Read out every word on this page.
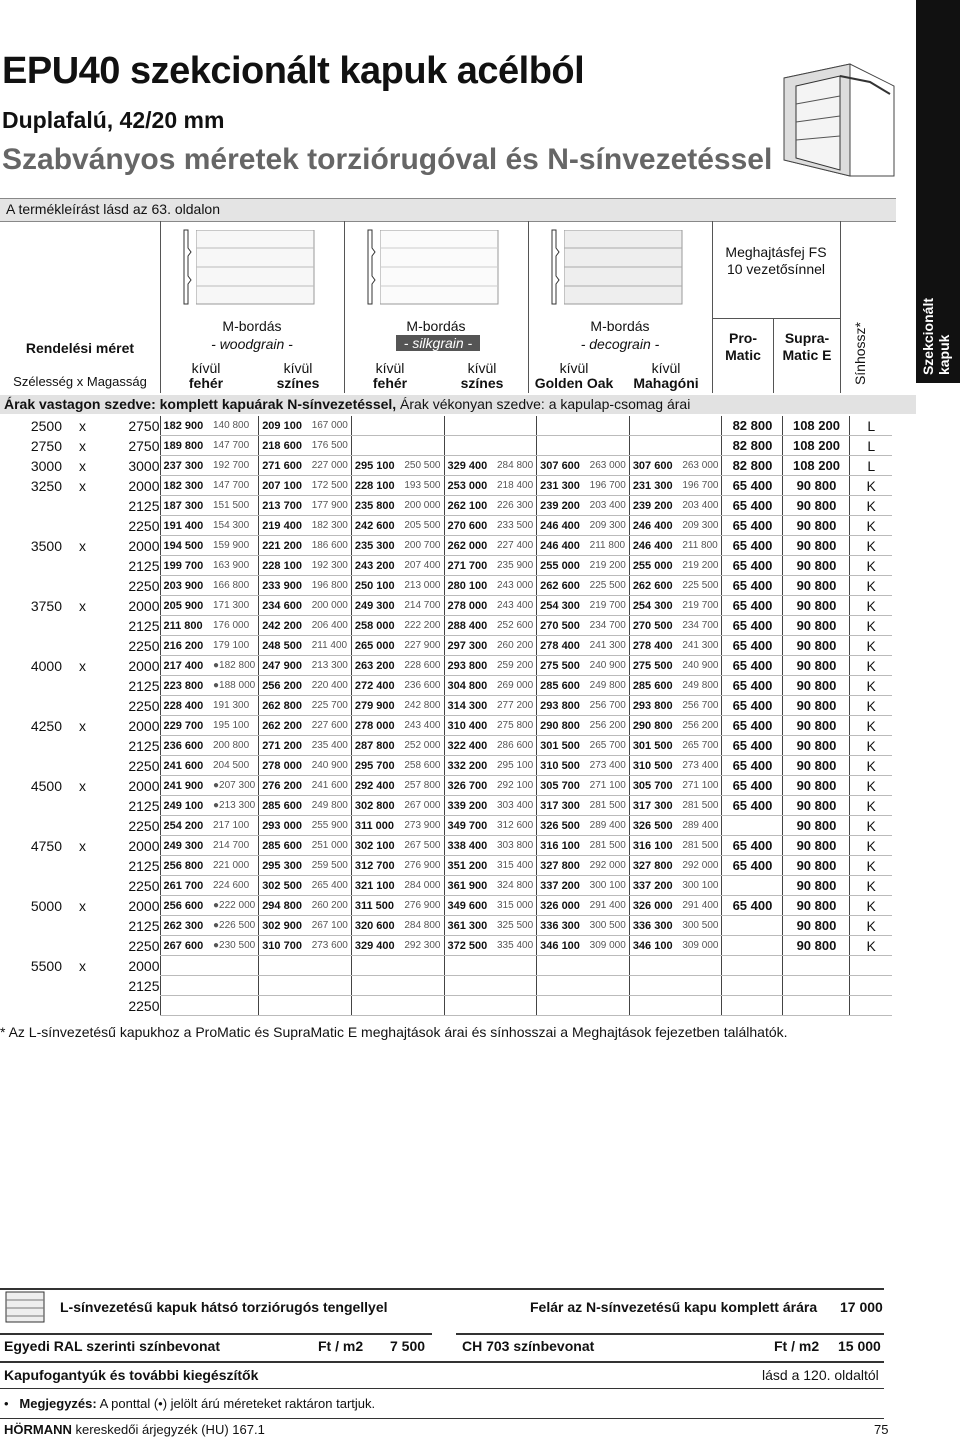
Szekcionált
kapuk
EPU40 szekcionált kapuk acélból
Duplafalú, 42/20 mm
Szabványos méretek torziórugóval és N-sínvezetéssel
A termékleírást lásd az 63. oldalon
Rendelési méret
Szélesség x Magasság
M-bordás
- woodgrain -
M-bordás
- silkgrain -
M-bordás
- decograin -
kívül	kívül	kívül	kívül	kívül	kívül
fehér	színes	fehér	színes	Golden Oak	Mahagóni
Meghajtásfej FS 10 vezetősínnel
Pro-Matic
Supra-Matic E	Sínhossz*
Árak vastagon szedve: komplett kapuárak N-sínvezetéssel, Árak vékonyan szedve: a kapulap-csomag árai
2500	x	2750	182 900	140 800	209 100	167 000									82 800	108 200	L
2750	x	2750	189 800	147 700	218 600	176 500									82 800	108 200	L
3000	x	3000	237 300	192 700	271 600	227 000	295 100	250 500	329 400	284 800	307 600	263 000	307 600	263 000	82 800	108 200	L
3250	x	2000	182 300	147 700	207 100	172 500	228 100	193 500	253 000	218 400	231 300	196 700	231 300	196 700	65 400	90 800	K
		2125	187 300	151 500	213 700	177 900	235 800	200 000	262 100	226 300	239 200	203 400	239 200	203 400	65 400	90 800	K
		2250	191 400	154 300	219 400	182 300	242 600	205 500	270 600	233 500	246 400	209 300	246 400	209 300	65 400	90 800	K
3500	x	2000	194 500	159 900	221 200	186 600	235 300	200 700	262 000	227 400	246 400	211 800	246 400	211 800	65 400	90 800	K
		2125	199 700	163 900	228 100	192 300	243 200	207 400	271 700	235 900	255 000	219 200	255 000	219 200	65 400	90 800	K
		2250	203 900	166 800	233 900	196 800	250 100	213 000	280 100	243 000	262 600	225 500	262 600	225 500	65 400	90 800	K
3750	x	2000	205 900	171 300	234 600	200 000	249 300	214 700	278 000	243 400	254 300	219 700	254 300	219 700	65 400	90 800	K
		2125	211 800	176 000	242 200	206 400	258 000	222 200	288 400	252 600	270 500	234 700	270 500	234 700	65 400	90 800	K
		2250	216 200	179 100	248 500	211 400	265 000	227 900	297 300	260 200	278 400	241 300	278 400	241 300	65 400	90 800	K
4000	x	2000	217 400	●182 800	247 900	213 300	263 200	228 600	293 800	259 200	275 500	240 900	275 500	240 900	65 400	90 800	K
		2125	223 800	●188 000	256 200	220 400	272 400	236 600	304 800	269 000	285 600	249 800	285 600	249 800	65 400	90 800	K
		2250	228 400	191 300	262 800	225 700	279 900	242 800	314 300	277 200	293 800	256 700	293 800	256 700	65 400	90 800	K
4250	x	2000	229 700	195 100	262 200	227 600	278 000	243 400	310 400	275 800	290 800	256 200	290 800	256 200	65 400	90 800	K
		2125	236 600	200 800	271 200	235 400	287 800	252 000	322 400	286 600	301 500	265 700	301 500	265 700	65 400	90 800	K
		2250	241 600	204 500	278 000	240 900	295 700	258 600	332 200	295 100	310 500	273 400	310 500	273 400	65 400	90 800	K
4500	x	2000	241 900	●207 300	276 200	241 600	292 400	257 800	326 700	292 100	305 700	271 100	305 700	271 100	65 400	90 800	K
		2125	249 100	●213 300	285 600	249 800	302 800	267 000	339 200	303 400	317 300	281 500	317 300	281 500	65 400	90 800	K
		2250	254 200	217 100	293 000	255 900	311 000	273 900	349 700	312 600	326 500	289 400	326 500	289 400		90 800	K
4750	x	2000	249 300	214 700	285 600	251 000	302 100	267 500	338 400	303 800	316 100	281 500	316 100	281 500	65 400	90 800	K
		2125	256 800	221 000	295 300	259 500	312 700	276 900	351 200	315 400	327 800	292 000	327 800	292 000	65 400	90 800	K
		2250	261 700	224 600	302 500	265 400	321 100	284 000	361 900	324 800	337 200	300 100	337 200	300 100		90 800	K
5000	x	2000	256 600	●222 000	294 800	260 200	311 500	276 900	349 600	315 000	326 000	291 400	326 000	291 400	65 400	90 800	K
		2125	262 300	●226 500	302 900	267 100	320 600	284 800	361 300	325 500	336 300	300 500	336 300	300 500		90 800	K
		2250	267 600	●230 500	310 700	273 600	329 400	292 300	372 500	335 400	346 100	309 000	346 100	309 000		90 800	K
5500	x	2000															
		2125															
		2250															
* Az L-sínvezetésű kapukhoz a ProMatic és SupraMatic E meghajtások árai és sínhosszai a Meghajtások fejezetben találhatók.
L-sínvezetésű kapuk hátsó torziórugós tengellyel	Felár az N-sínvezetésű kapu komplett árára 17 000
Egyedi RAL szerinti színbevonat	Ft / m2 7 500	CH 703 színbevonat	Ft / m2 15 000
Kapufogantyúk és további kiegészítők	lásd a 120. oldaltól
• Megjegyzés: A ponttal (•) jelölt árú méreteket raktáron tartjuk.
HÖRMANN kereskedői árjegyzék (HU) 167.1	75
